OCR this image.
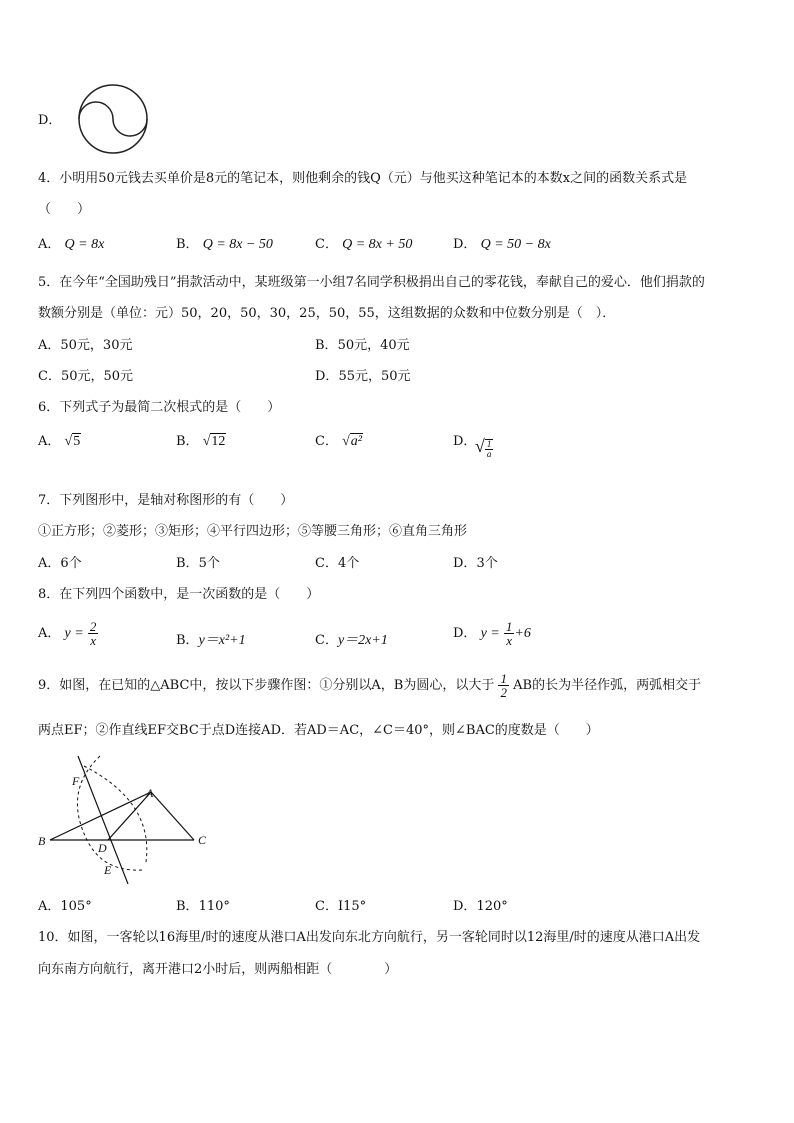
D．
4．小明用50元钱去买单价是8元的笔记本，则他剩余的钱Q（元）与他买这种笔记本的本数x之间的函数关系式是
（　　）
A． Q = 8x	B． Q = 8x − 50	C． Q = 8x + 50	D． Q = 50 − 8x
5．在今年“全国助残日”捐款活动中，某班级第一小组7名同学积极捐出自己的零花钱，奉献自己的爱心．他们捐款的
数额分别是（单位：元）50，20，50，30，25，50，55，这组数据的众数和中位数分别是（　）．
A．50元，30元	B．50元，40元
C．50元，50元	D．55元，50元
6．下列式子为最简二次根式的是（　　）
A． √5	B． √12	C． √a²	D．
√ $\frac{1}{a}$
7．下列图形中，是轴对称图形的有（　　）
①正方形；②菱形；③矩形；④平行四边形；⑤等腰三角形；⑥直角三角形
A．6个	B．5个	C．4个	D．3个
8．在下列四个函数中，是一次函数的是（　　）
A． $y = \frac{2}{x}$	B．y＝x²+1	C．y＝2x+1	D． $y = \frac{1}{x} +6$
9．如图，在已知的△ABC中，按以下步骤作图：①分别以A，B为圆心，以大于 $\frac{1}{2}$ AB的长为半径作弧，两弧相交于
两点EF；②作直线EF交BC于点D连接AD．若AD＝AC，∠C＝40°，则∠BAC的度数是（　　）
F
A
B	C
D
E
A．105°	B．110°	C．I15°	D．120°
10．如图，一客轮以16海里/时的速度从港口A出发向东北方向航行，另一客轮同时以12海里/时的速度从港口A出发
向东南方向航行，离开港口2小时后，则两船相距（　　　　）
